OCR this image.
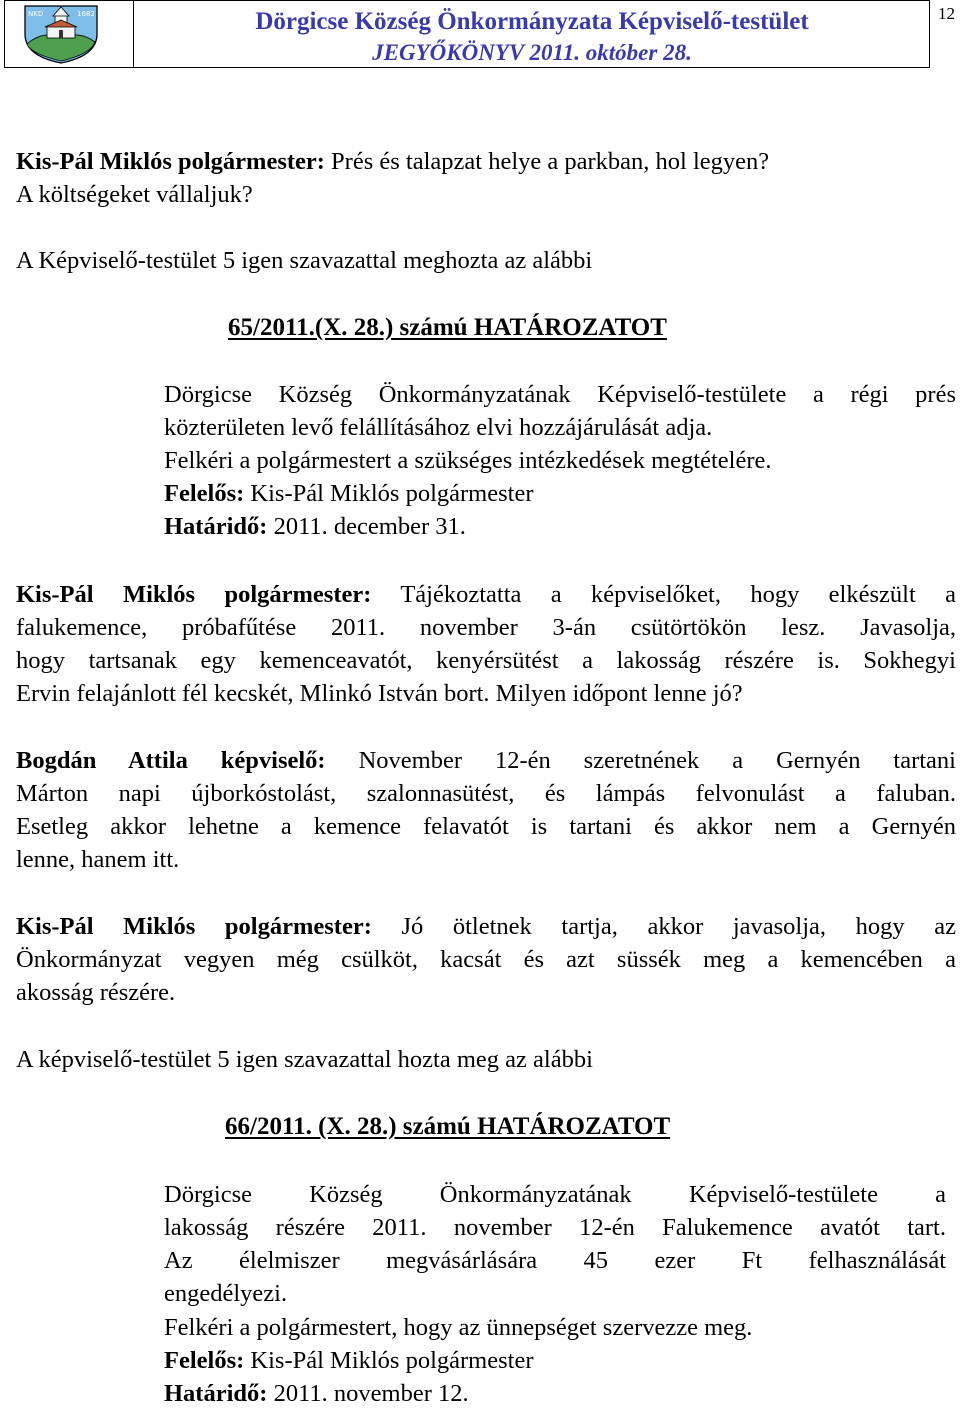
NKD	1682	Dörgicse Község Önkormányzata Képviselő-testület
JEGYŐKÖNYV 2011. október 28.
12
Kis-Pál Miklós polgármester: Prés és talapzat helye a parkban, hol legyen?
A költségeket vállaljuk?
A Képviselő-testület 5 igen szavazattal meghozta az alábbi
65/2011.(X. 28.) számú HATÁROZATOT
Dörgicse Község Önkormányzatának Képviselő-testülete a régi prés
közterületen levő felállításához elvi hozzájárulását adja.
Felkéri a polgármestert a szükséges intézkedések megtételére.
Felelős: Kis-Pál Miklós polgármester
Határidő: 2011. december 31.
Kis-Pál Miklós polgármester: Tájékoztatta a képviselőket, hogy elkészült a
falukemence, próbafűtése 2011. november 3-án csütörtökön lesz. Javasolja,
hogy tartsanak egy kemenceavatót, kenyérsütést a lakosság részére is. Sokhegyi
Ervin felajánlott fél kecskét, Mlinkó István bort. Milyen időpont lenne jó?
Bogdán Attila képviselő: November 12-én szeretnének a Gernyén tartani
Márton napi újborkóstolást, szalonnasütést, és lámpás felvonulást a faluban.
Esetleg akkor lehetne a kemence felavatót is tartani és akkor nem a Gernyén
lenne, hanem itt.
Kis-Pál Miklós polgármester: Jó ötletnek tartja, akkor javasolja, hogy az
Önkormányzat vegyen még csülköt, kacsát és azt süssék meg a kemencében a
akosság részére.
A képviselő-testület 5 igen szavazattal hozta meg az alábbi
66/2011. (X. 28.) számú HATÁROZATOT
Dörgicse Község Önkormányzatának Képviselő-testülete a
lakosság részére 2011. november 12-én Falukemence avatót tart.
Az élelmiszer megvásárlására 45 ezer Ft felhasználását
engedélyezi.
Felkéri a polgármestert, hogy az ünnepséget szervezze meg.
Felelős: Kis-Pál Miklós polgármester
Határidő: 2011. november 12.
